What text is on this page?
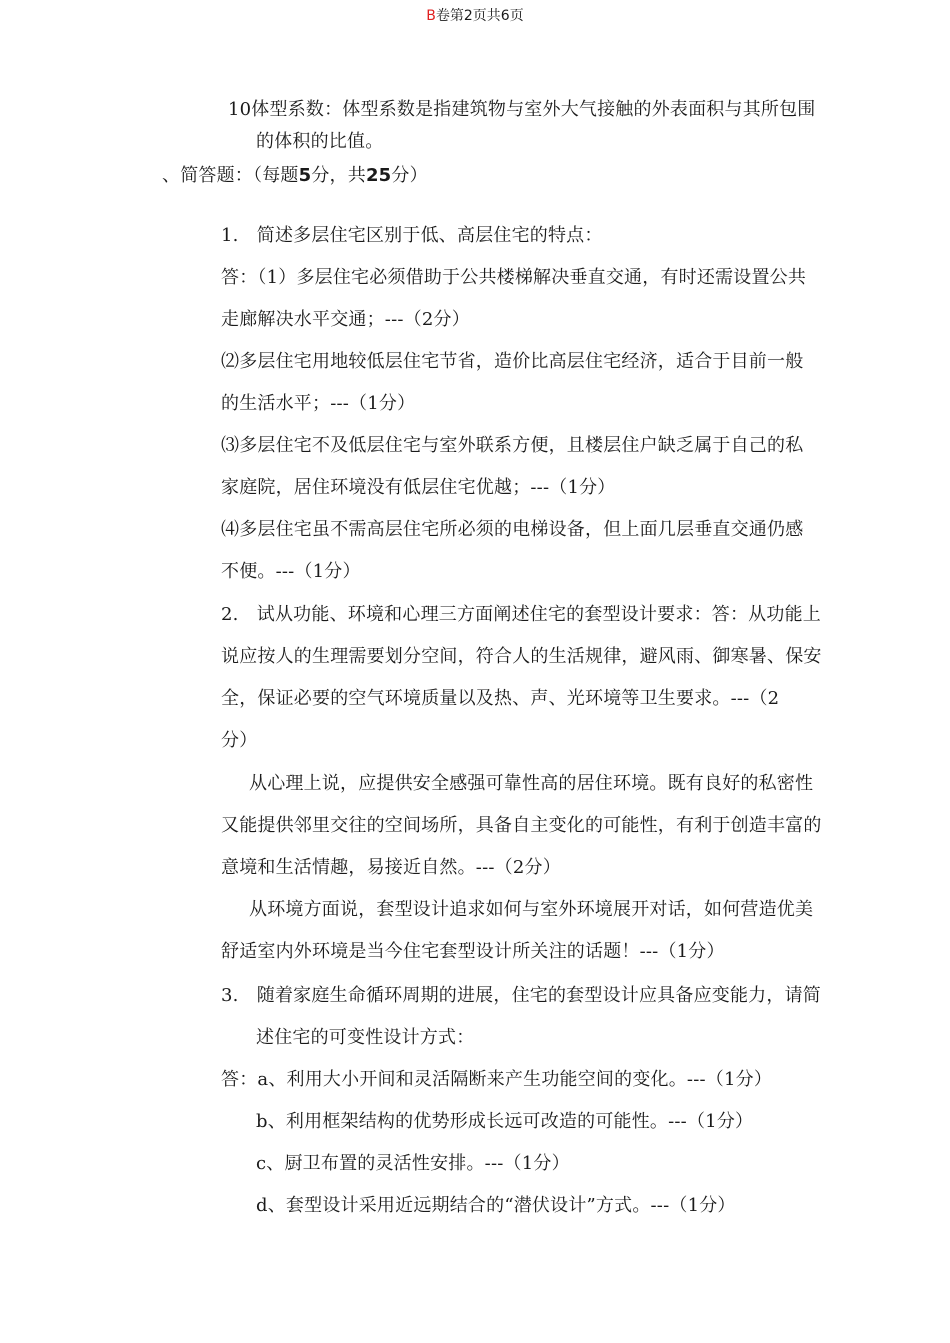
B卷第2页共6页
10体型系数：体型系数是指建筑物与室外大气接触的外表面积与其所包围
的体积的比值。
、简答题：（每题5分，共25分）
1.　简述多层住宅区别于低、高层住宅的特点：
答：（1）多层住宅必须借助于公共楼梯解决垂直交通，有时还需设置公共
走廊解决水平交通；---（2分）
⑵多层住宅用地较低层住宅节省，造价比高层住宅经济，适合于目前一般
的生活水平；---（1分）
⑶多层住宅不及低层住宅与室外联系方便，且楼层住户缺乏属于自己的私
家庭院，居住环境没有低层住宅优越；---（1分）
⑷多层住宅虽不需高层住宅所必须的电梯设备，但上面几层垂直交通仍感
不便。---（1分）
2.　试从功能、环境和心理三方面阐述住宅的套型设计要求：答：从功能上
说应按人的生理需要划分空间，符合人的生活规律，避风雨、御寒暑、保安
全，保证必要的空气环境质量以及热、声、光环境等卫生要求。---（2
分）
从心理上说，应提供安全感强可靠性高的居住环境。既有良好的私密性
又能提供邻里交往的空间场所，具备自主变化的可能性，有利于创造丰富的
意境和生活情趣，易接近自然。---（2分）
从环境方面说，套型设计追求如何与室外环境展开对话，如何营造优美
舒适室内外环境是当今住宅套型设计所关注的话题！---（1分）
3.　随着家庭生命循环周期的进展，住宅的套型设计应具备应变能力，请简
述住宅的可变性设计方式：
答：a、利用大小开间和灵活隔断来产生功能空间的变化。---（1分）
b、利用框架结构的优势形成长远可改造的可能性。---（1分）
c、厨卫布置的灵活性安排。---（1分）
d、套型设计采用近远期结合的“潜伏设计”方式。---（1分）
